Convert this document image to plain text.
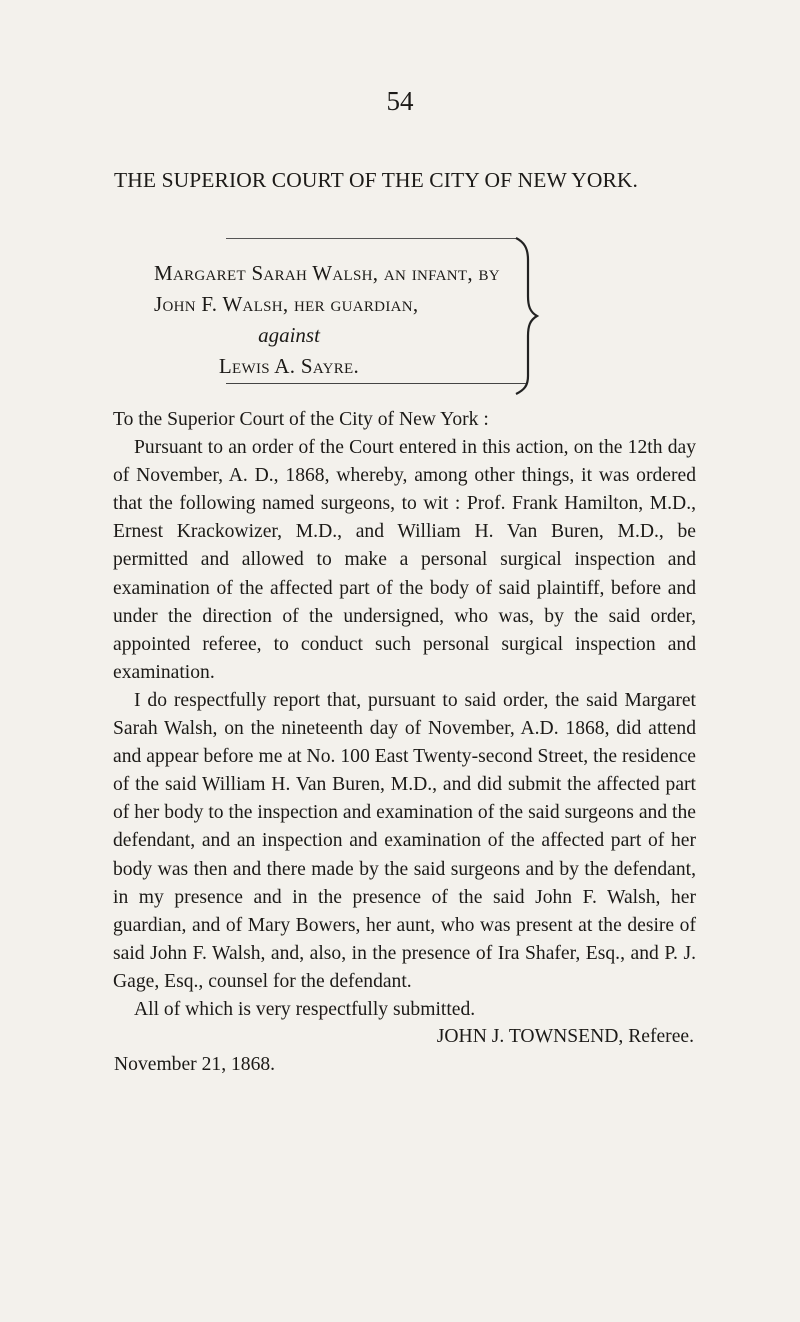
54
THE SUPERIOR COURT OF THE CITY OF NEW YORK.
Margaret Sarah Walsh, an infant, by
John F. Walsh, her guardian,
against
Lewis A. Sayre.

To the Superior Court of the City of New York :

Pursuant to an order of the Court entered in this action, on the 12th day of November, A. D., 1868, whereby, among other things, it was ordered that the following named surgeons, to wit : Prof. Frank Hamilton, M.D., Ernest Krackowizer, M.D., and William H. Van Buren, M.D., be permitted and allowed to make a personal surgical inspection and examination of the affected part of the body of said plaintiff, before and under the direction of the undersigned, who was, by the said order, appointed referee, to conduct such personal surgical inspection and examination.

I do respectfully report that, pursuant to said order, the said Margaret Sarah Walsh, on the nineteenth day of November, A.D. 1868, did attend and appear before me at No. 100 East Twenty-second Street, the residence of the said William H. Van Buren, M.D., and did submit the affected part of her body to the inspection and examination of the said surgeons and the defendant, and an inspection and examination of the affected part of her body was then and there made by the said surgeons and by the defendant, in my presence and in the presence of the said John F. Walsh, her guardian, and of Mary Bowers, her aunt, who was present at the desire of said John F. Walsh, and, also, in the presence of Ira Shafer, Esq., and P. J. Gage, Esq., counsel for the defendant.

All of which is very respectfully submitted.

JOHN J. TOWNSEND, Referee.
November 21, 1868.
